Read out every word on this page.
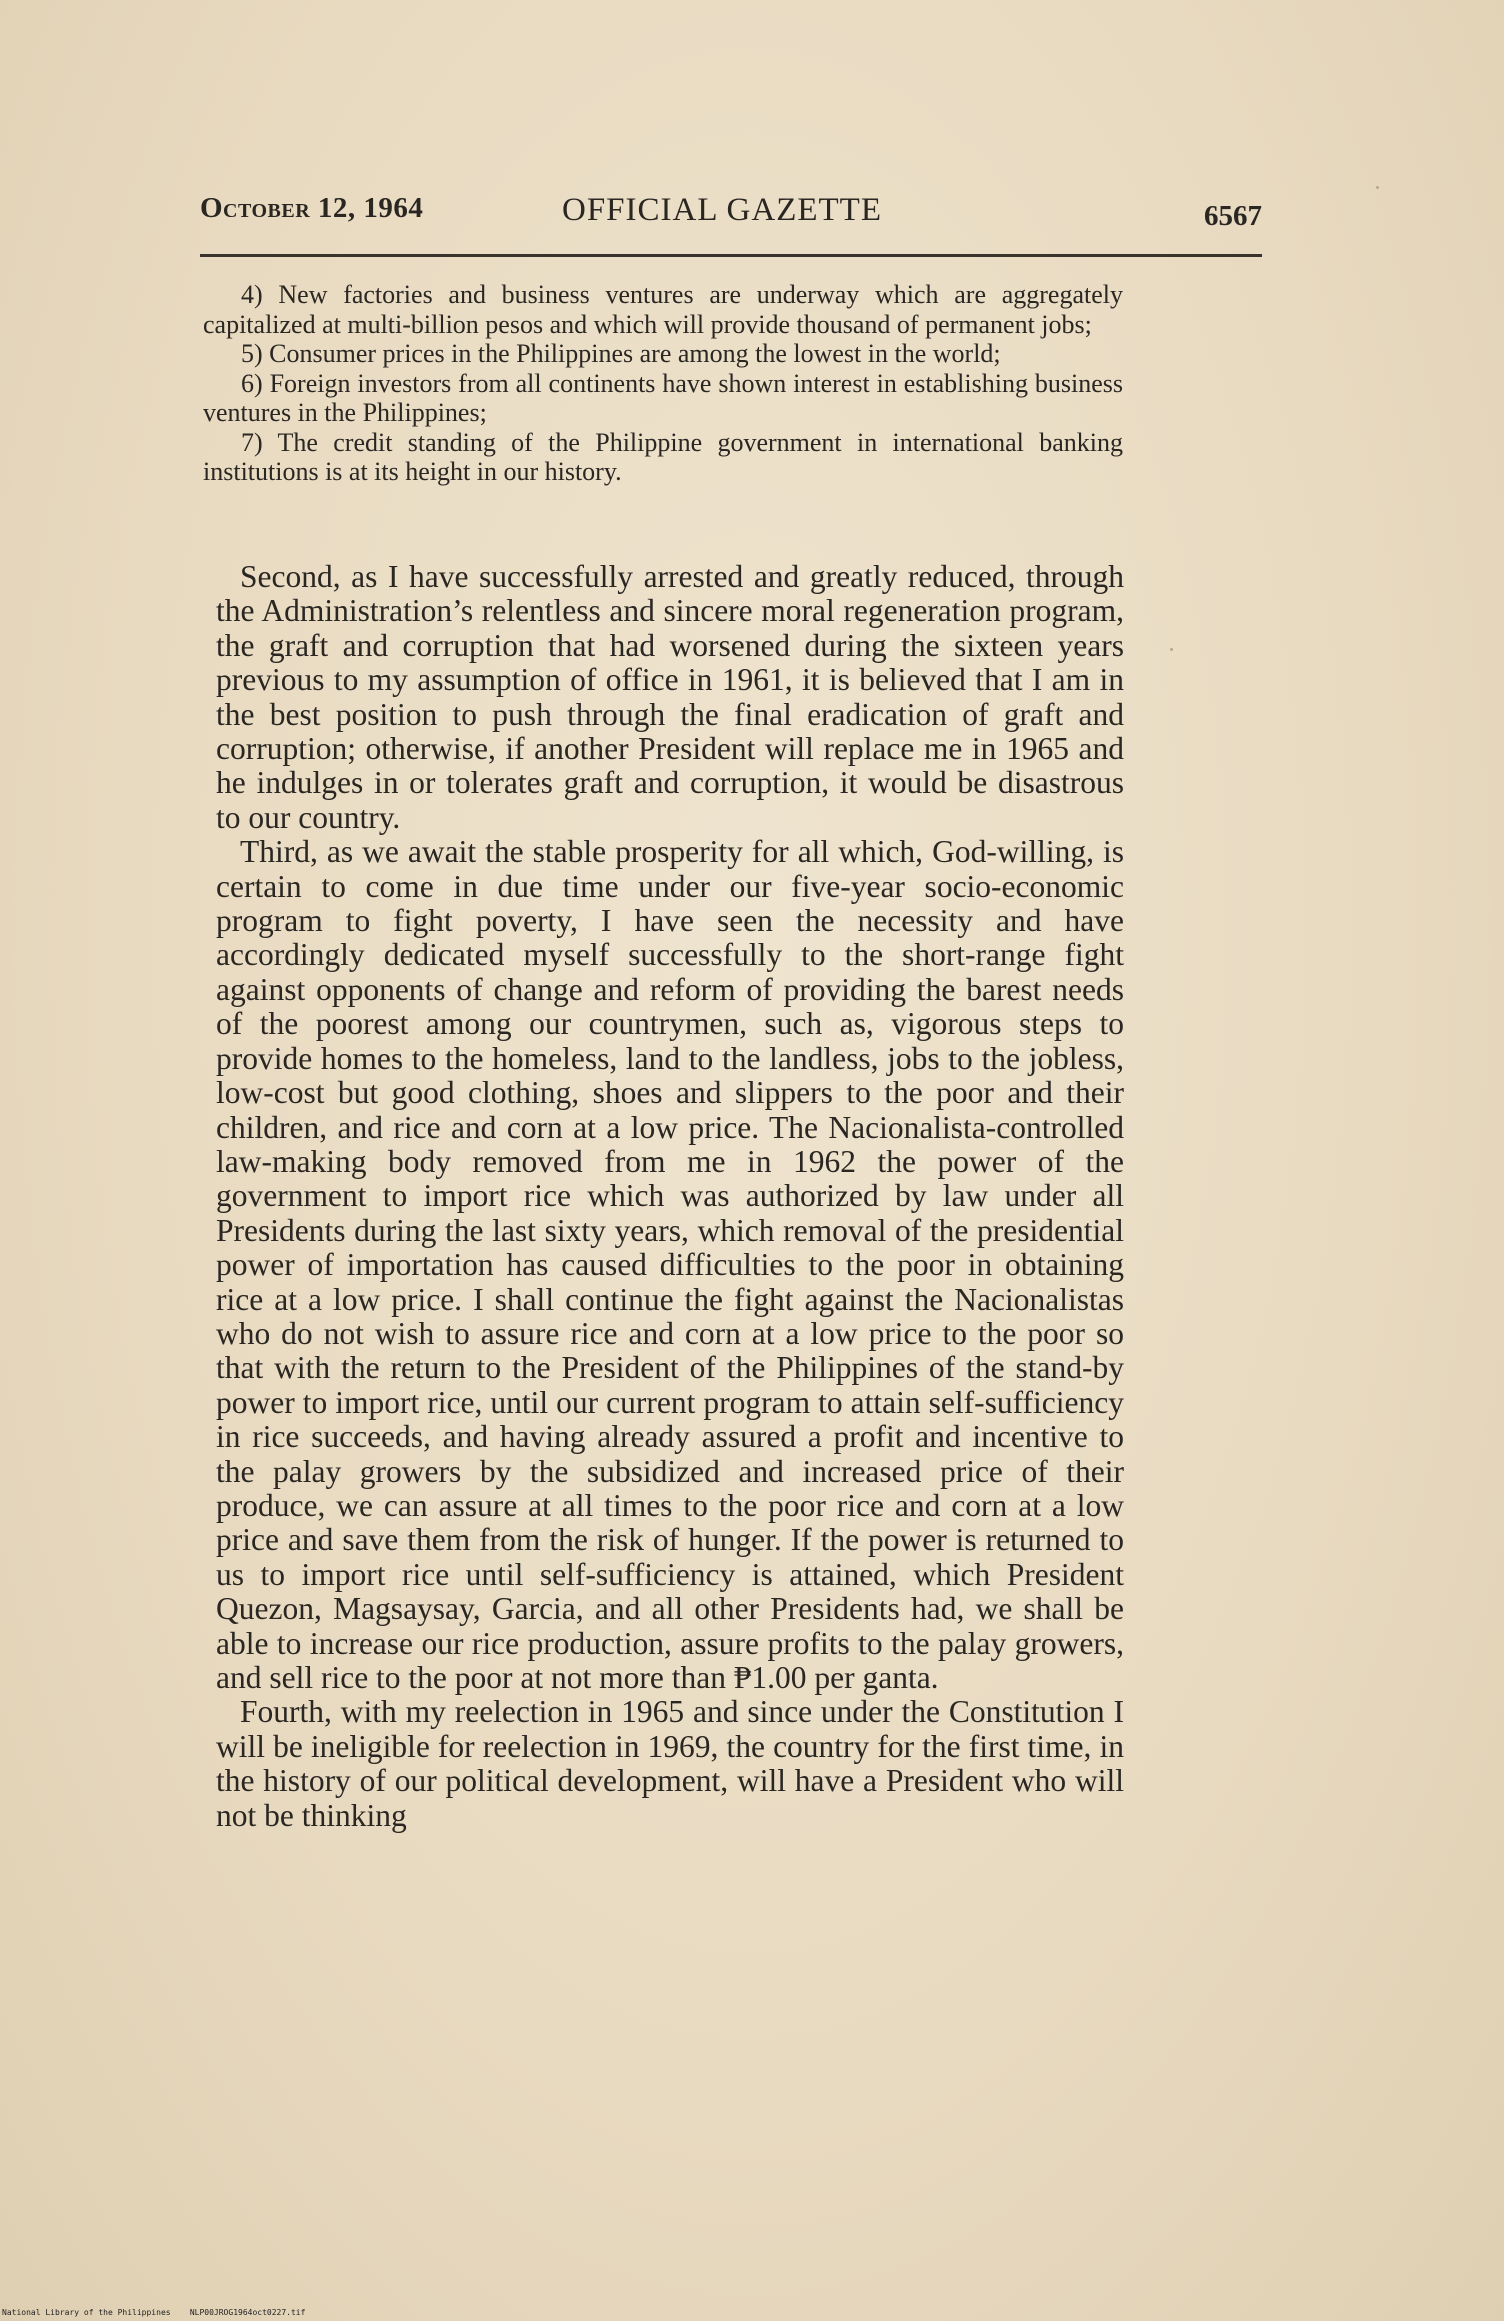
October 12, 1964	OFFICIAL GAZETTE	6567

4) New factories and business ventures are underway which are aggregately capitalized at multi-billion pesos and which will provide thousand of permanent jobs;

5) Consumer prices in the Philippines are among the lowest in the world;

6) Foreign investors from all continents have shown interest in establishing business ventures in the Philippines;

7) The credit standing of the Philippine government in international banking institutions is at its height in our history.

Second, as I have successfully arrested and greatly reduced, through the Administration’s relentless and sincere moral regeneration program, the graft and corruption that had worsened during the sixteen years previous to my assumption of office in 1961, it is believed that I am in the best position to push through the final eradication of graft and corruption; otherwise, if another President will replace me in 1965 and he indulges in or tolerates graft and corruption, it would be disastrous to our country.

Third, as we await the stable prosperity for all which, God-willing, is certain to come in due time under our five-year socio-economic program to fight poverty, I have seen the necessity and have accordingly dedicated myself successfully to the short-range fight against opponents of change and reform of providing the barest needs of the poorest among our countrymen, such as, vigorous steps to provide homes to the homeless, land to the landless, jobs to the jobless, low-cost but good clothing, shoes and slippers to the poor and their children, and rice and corn at a low price. The Nacionalista-controlled law-making body removed from me in 1962 the power of the government to import rice which was authorized by law under all Presidents during the last sixty years, which removal of the presidential power of importation has caused difficulties to the poor in obtaining rice at a low price. I shall continue the fight against the Nacionalistas who do not wish to assure rice and corn at a low price to the poor so that with the return to the President of the Philippines of the stand-by power to import rice, until our current program to attain self-sufficiency in rice succeeds, and having already assured a profit and incentive to the palay growers by the subsidized and increased price of their produce, we can assure at all times to the poor rice and corn at a low price and save them from the risk of hunger. If the power is returned to us to import rice until self-sufficiency is attained, which President Quezon, Magsaysay, Garcia, and all other Presidents had, we shall be able to increase our rice production, assure profits to the palay growers, and sell rice to the poor at not more than ₱1.00 per ganta.

Fourth, with my reelection in 1965 and since under the Constitution I will be ineligible for reelection in 1969, the country for the first time, in the history of our political development, will have a President who will not be thinking

National Library of the Philippines NLP00JROG1964oct0227.tif
